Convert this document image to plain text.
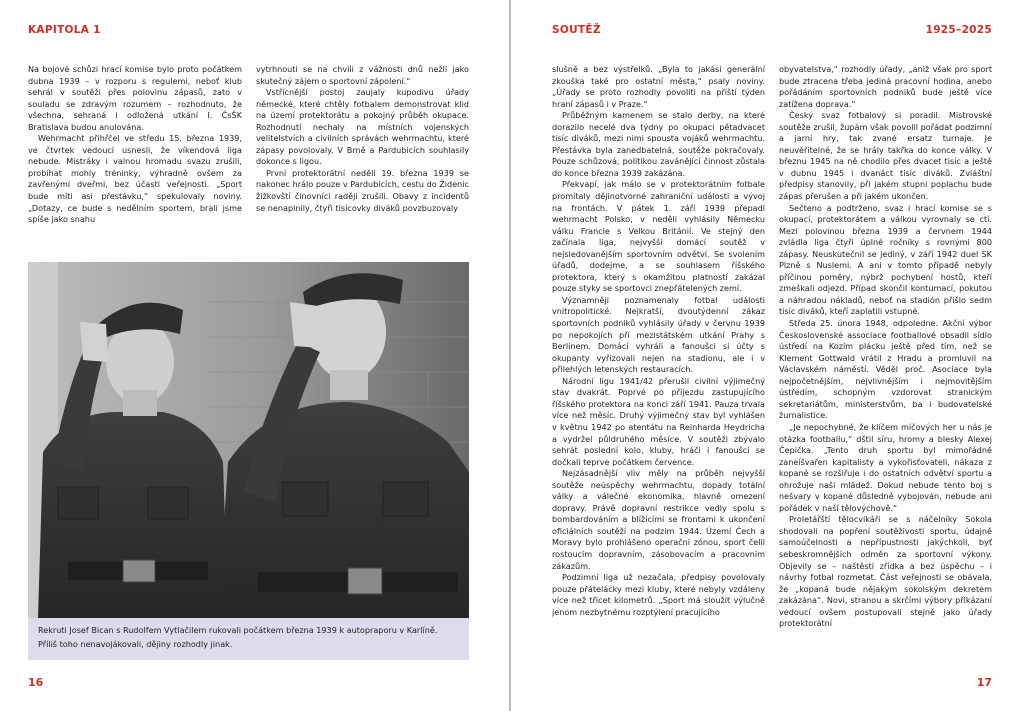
KAPITOLA 1

Na bojové schůzi hrací komise bylo proto počátkem dubna 1939 – v rozporu s regulemi, neboť klub sehrál v soutěži přes polovinu zápasů, zato v souladu se zdravým rozumem – rozhodnuto, že všechna, sehraná i odložená utkání I. ČsŠK Bratislava budou anulována.

Wehrmacht přihřčel ve středu 15. března 1939, ve čtvrtek vedoucí usnesli, že víkendová liga nebude. Mistráky i valnou hromadu svazu zrušili, probíhat mohly tréninky, výhradně ovšem za zavřenými dveřmi, bez účasti veřejnosti. „Sport bude míti asi přestávku,“ spekulovaly noviny. „Dotazy, ce bude s nedělním sportem, brali jsme spíše jako snahu

vytrhnouti se na chvíli z vážnosti dnů nežli jako skutečný zájem o sportovní zápolení.“

Vstřícnější postoj zaujaly kupodivu úřady německé, které chtěly fotbalem demonstrovat klid na území protektorátu a pokojný průběh okupace. Rozhodnutí nechaly na místních vojenských velitelstvích a civilních správách wehrmachtu, které zápasy povolovaly. V Brně a Pardubicích souhlasily dokonce s ligou.

První protektorátní neděli 19. března 1939 se nakonec hrálo pouze v Pardubicích, cestu do Židenic žižkovští činovníci raději zrušili. Obavy z incidentů se nenaplnily, čtyři tisícovky diváků povzbuzovaly

Rekruti Josef Bican s Rudolfem Vytlačilem rukovali počátkem března 1939 k autopraporu v Karlíně. Příliš toho nenavojákovali, dějiny rozhodly jinak.
16
SOUTĚŽ	1925–2025

slušně a bez výstřelků. „Byla to jakási generální zkouška také pro ostatní města,“ psaly noviny. „Úřady se proto rozhodly povoliti na příští týden hraní zápasů i v Praze.“

Průběžným kamenem se stalo derby, na které dorazilo necelé dva týdny po okupaci pětadvacet tisíc diváků, mezi nimi spousta vojáků wehrmachtu. Přestávka byla zanedbatelná, soutěže pokračovaly. Pouze schůzová, politikou zavánějící činnost zůstala do konce března 1939 zakázána.

Překvapí, jak málo se v protektorátním fotbale promítaly dějinotvorné zahraniční události a vývoj na frontách. V pátek 1. září 1939 přepadl wehrmacht Polsko, v neděli vyhlásily Německu válku Francie s Velkou Británií. Ve stejný den začínala liga, nejvyšší domácí soutěž v nejsledovanějším sportovním odvětví. Se svolením úřadů, dodejme, a se souhlasem říšského protektora, který s okamžitou platností zakázal pouze styky se sportovci znepřátelených zemí.

Významněji poznamenaly fotbal události vnitropolitické. Nejkratší, dvoutýdenní zákaz sportovních podniků vyhlásily úřady v červnu 1939 po nepokojích při mezistátském utkání Prahy s Berlínem. Domácí vyhráli a fanoušci si účty s okupanty vyřizovali nejen na stadionu, ale i v přilehlých letenských restauracích.

Národní ligu 1941/42 přerušil civilní výjimečný stav dvakrát. Poprvé po příjezdu zastupujícího říšského protektora na konci září 1941. Pauza trvala více než měsíc. Druhý výjimečný stav byl vyhlášen v květnu 1942 po atentátu na Reinharda Heydricha a vydržel půldruhého měsíce. V soutěži zbývalo sehrát poslední kolo, kluby, hráči i fanoušci se dočkali teprve počátkem července.

Nejzásadnější vliv měly na průběh nejvyšší soutěže neúspěchy wehrmachtu, dopady totální války a válečné ekonomika, hlavně omezení dopravy. Právě dopravní restrikce vedly spolu s bombardováním a blížícími se frontami k ukončení oficiálních soutěží na podzim 1944. Území Čech a Moravy bylo prohlášeno operační zónou, sport čelil rostoucím dopravním, zásobovacím a pracovním zákazům.

Podzimní liga už nezačala, předpisy povolovaly pouze přátelácky mezi kluby, které nebyly vzdáleny více než třicet kilometrů. „Sport má sloužit výlučně jenom nezbytnému rozptýlení pracujícího

obyvatelstva,“ rozhodly úřady, „aniž však pro sport bude ztracena třeba jediná pracovní hodina, anebo pořádáním sportovních podniků bude ještě více zatížena doprava.“

Český svaz fotbalový si poradil. Mistrovské soutěže zrušil, župám však povolil pořádat podzimní a jarní hry, tak zvané ersatz turnaje. Je neuvěřitelné, že se hrály takřka do konce války. V březnu 1945 na ně chodilo přes dvacet tisíc a ještě v dubnu 1945 i dvanáct tisíc diváků. Zvláštní předpisy stanovily, při jakém stupni poplachu bude zápas přerušen a při jakém ukončen.

Sečteno a podtrženo, svaz i hrací komise se s okupací, protektorátem a válkou vyrovnaly se ctí. Mezi polovinou března 1939 a červnem 1944 zvládla liga čtyři úplné ročníky s rovnými 800 zápasy. Neuskutečnil se jediný, v září 1942 duel SK Plzně s Nuslemi. A ani v tomto případě nebyly příčinou poměry, nýbrž pochybení hostů, kteří zmeškali odjezd. Případ skončil kontumací, pokutou a náhradou nákladů, neboť na stadión přišlo sedm tisíc diváků, kteří zaplatili vstupné.

Středa 25. února 1948, odpoledne. Akční výbor Československé associace footballové obsadil sídlo ústředí na Kozím plácku ještě před tím, než se Klement Gottwald vrátil z Hradu a promluvil na Václavském náměstí. Věděl proč. Asociace byla nejpočetnějším, nejvlivnějším i nejmovitějším ústředím, schopným vzdorovat stranickým sekretariátům, ministerstvům, ba i budovatelské žurnalistice.

„Je nepochybné, že klíčem míčových her u nás je otázka footballu,“ dštil síru, hromy a blesky Alexej Čepička. „Tento druh sportu byl mimořádně zaneíšvařen kapitalisty a vykořisťovateli, nákaza z kopané se rozšiřuje i do ostatních odvětví sportu a ohrožuje naši mládež. Dokud nebude tento boj s nešvary v kopané důsledně vybojován, nebude ani pořádek v naší tělovýchově.“

Proletářští tělocvikáři se s náčelníky Sokola shodovali na popření soutěživosti sportu, údajně samoúčelnosti a nepřípustnosti jakýchkoli, byť sebeskromnějších odměn za sportovní výkony. Objevily se – naštěstí zřídka a bez úspěchu – i návrhy fotbal rozmetat. Část veřejnosti se obávala, že „kopaná bude nějakým sokolským dekretem zakázána“. Novi, stranou a skrčími výbory přikázaní vedoucí ovšem postupovali stejně jako úřady protektorátní

17
